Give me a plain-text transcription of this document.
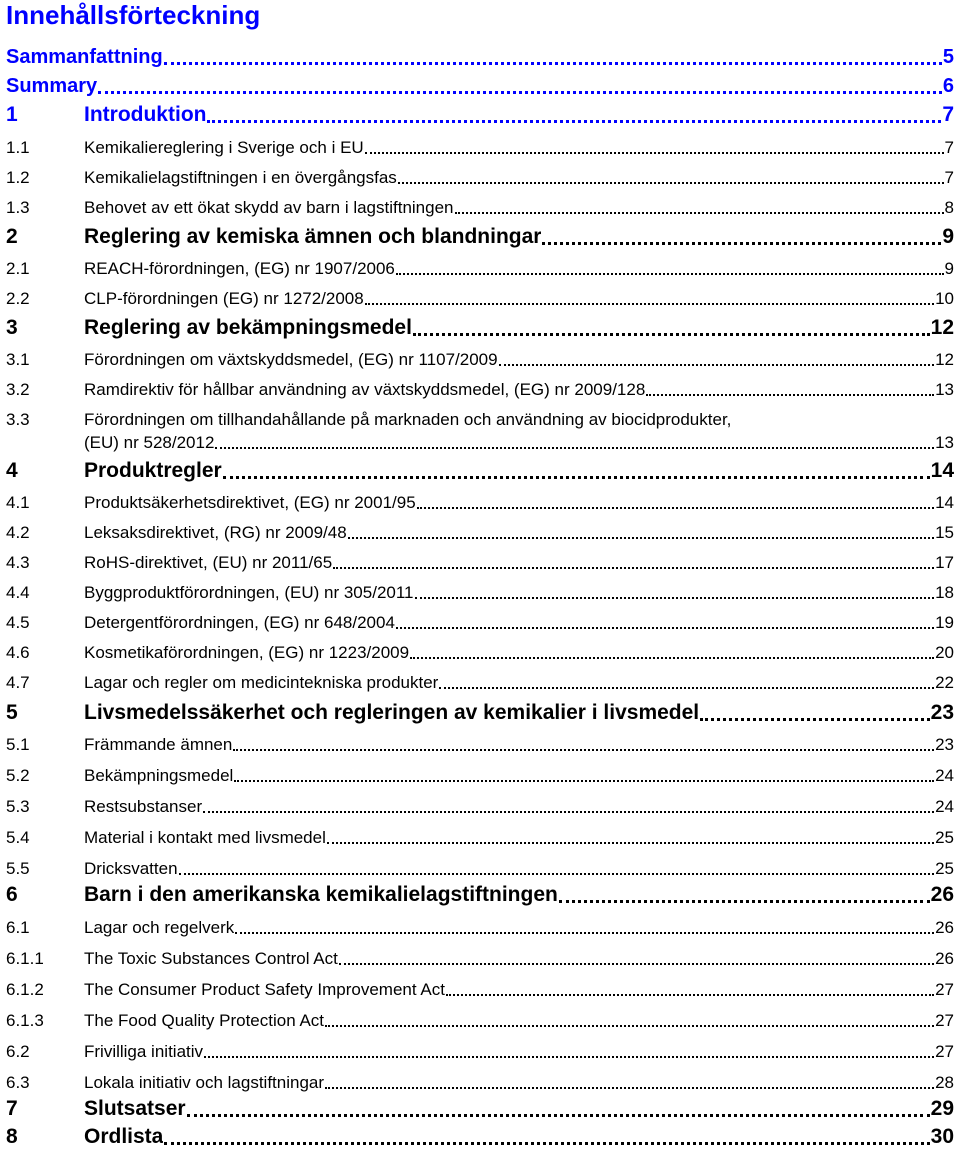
Innehållsförteckning
Sammanfattning	5
Summary	6
1	Introduktion	7
1.1	Kemikaliereglering i Sverige och i EU	7
1.2	Kemikalielagstiftningen i en övergångsfas	7
1.3	Behovet av ett ökat skydd av barn i lagstiftningen	8
2	Reglering av kemiska ämnen och blandningar	9
2.1	REACH-förordningen, (EG) nr 1907/2006	9
2.2	CLP-förordningen (EG) nr 1272/2008	10
3	Reglering av bekämpningsmedel	12
3.1	Förordningen om växtskyddsmedel, (EG) nr 1107/2009	12
3.2	Ramdirektiv för hållbar användning av växtskyddsmedel, (EG) nr 2009/128	13
3.3	Förordningen om tillhandahållande på marknaden och användning av biocidprodukter,
(EU) nr 528/2012	13
4	Produktregler	14
4.1	Produktsäkerhetsdirektivet, (EG) nr 2001/95	14
4.2	Leksaksdirektivet, (RG) nr 2009/48	15
4.3	RoHS-direktivet, (EU) nr 2011/65	17
4.4	Byggproduktförordningen, (EU) nr 305/2011	18
4.5	Detergentförordningen, (EG) nr 648/2004	19
4.6	Kosmetikaförordningen, (EG) nr 1223/2009	20
4.7	Lagar och regler om medicintekniska produkter	22
5	Livsmedelssäkerhet och regleringen av kemikalier i livsmedel	23
5.1	Främmande ämnen	23
5.2	Bekämpningsmedel	24
5.3	Restsubstanser	24
5.4	Material i kontakt med livsmedel	25
5.5	Dricksvatten	25
6	Barn i den amerikanska kemikalielagstiftningen	26
6.1	Lagar och regelverk	26
6.1.1	The Toxic Substances Control Act	26
6.1.2	The Consumer Product Safety Improvement Act	27
6.1.3	The Food Quality Protection Act	27
6.2	Frivilliga initiativ	27
6.3	Lokala initiativ och lagstiftningar	28
7	Slutsatser	29
8	Ordlista	30
